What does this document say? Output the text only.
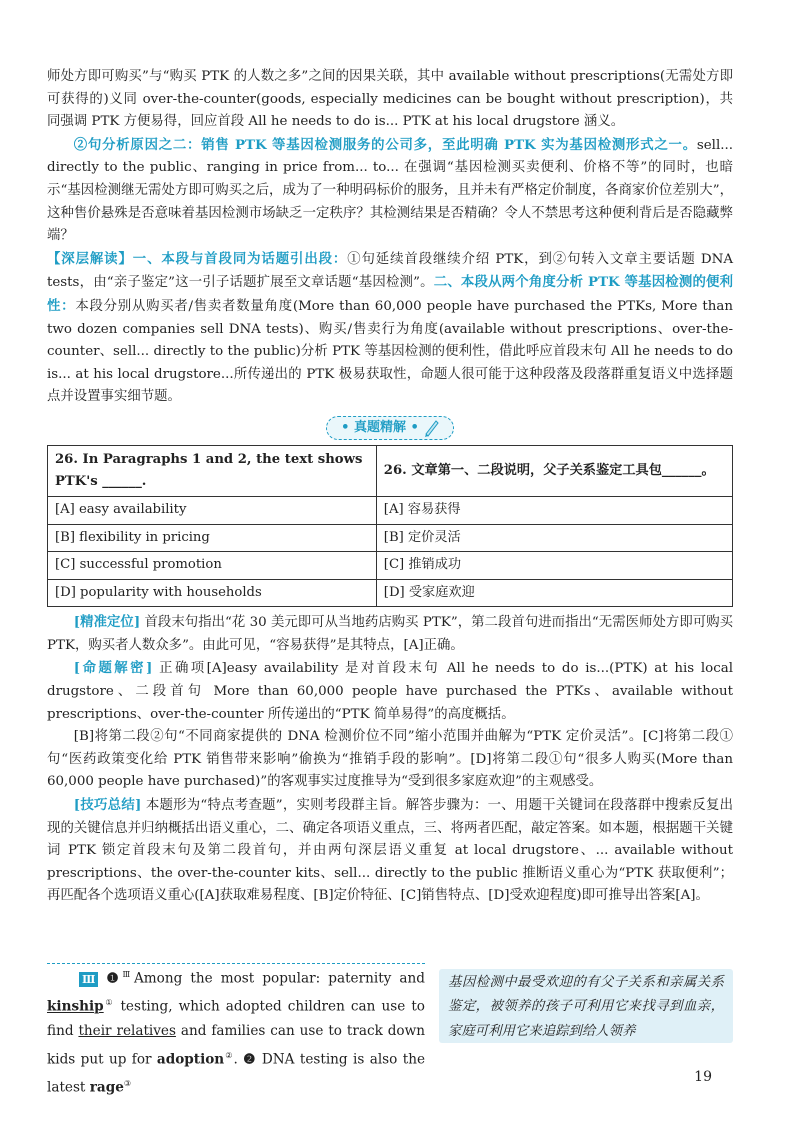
师处方即可购买”与“购买 PTK 的人数之多”之间的因果关联，其中 available without prescriptions(无需处方即可获得的)义同 over-the-counter(goods, especially medicines can be bought without prescription)，共同强调 PTK 方便易得，回应首段 All he needs to do is... PTK at his local drugstore 涵义。

②句分析原因之二：销售 PTK 等基因检测服务的公司多，至此明确 PTK 实为基因检测形式之一。sell... directly to the public、ranging in price from... to... 在强调“基因检测买卖便利、价格不等”的同时，也暗示“基因检测继无需处方即可购买之后，成为了一种明码标价的服务，且并未有严格定价制度，各商家价位差别大”，这种售价悬殊是否意味着基因检测市场缺乏一定秩序？其检测结果是否精确？令人不禁思考这种便利背后是否隐藏弊端？

【深层解读】一、本段与首段同为话题引出段：①句延续首段继续介绍 PTK，到②句转入文章主要话题 DNA tests，由“亲子鉴定”这一引子话题扩展至文章话题“基因检测”。二、本段从两个角度分析 PTK 等基因检测的便利性：本段分别从购买者/售卖者数量角度(More than 60,000 people have purchased the PTKs, More than two dozen companies sell DNA tests)、购买/售卖行为角度(available without prescriptions、over-the-counter、sell... directly to the public)分析 PTK 等基因检测的便利性，借此呼应首段末句 All he needs to do is... at his local drugstore...所传递出的 PTK 极易获取性，命题人很可能于这种段落及段落群重复语义中选择题点并设置事实细节题。

• 真题精解 •
26. In Paragraphs 1 and 2, the text shows PTK's ______.	26. 文章第一、二段说明，父子关系鉴定工具包______。
[A] easy availability	[A] 容易获得
[B] flexibility in pricing	[B] 定价灵活
[C] successful promotion	[C] 推销成功
[D] popularity with households	[D] 受家庭欢迎

[精准定位] 首段末句指出“花 30 美元即可从当地药店购买 PTK”，第二段首句进而指出“无需医师处方即可购买 PTK，购买者人数众多”。由此可见，“容易获得”是其特点，[A]正确。

[命题解密] 正确项[A]easy availability 是对首段末句 All he needs to do is...(PTK) at his local drugstore、二段首句 More than 60,000 people have purchased the PTKs、available without prescriptions、over-the-counter 所传递出的“PTK 简单易得”的高度概括。

[B]将第二段②句“不同商家提供的 DNA 检测价位不同”缩小范围并曲解为“PTK 定价灵活”。[C]将第二段①句“医药政策变化给 PTK 销售带来影响”偷换为“推销手段的影响”。[D]将第二段①句“很多人购买(More than 60,000 people have purchased)”的客观事实过度推导为“受到很多家庭欢迎”的主观感受。

[技巧总结] 本题形为“特点考查题”，实则考段群主旨。解答步骤为：一、用题干关键词在段落群中搜索反复出现的关键信息并归纳概括出语义重心，二、确定各项语义重点，三、将两者匹配，敲定答案。如本题，根据题干关键词 PTK 锁定首段末句及第二段首句，并由两句深层语义重复 at local drugstore、... available without prescriptions、the over-the-counter kits、sell... directly to the public 推断语义重心为“PTK 获取便利”；再匹配各个选项语义重心([A]获取难易程度、[B]定价特征、[C]销售特点、[D]受欢迎程度)即可推导出答案[A]。

Ⅲ ❶$^Ⅲ$Among the most popular: paternity and kinship① testing, which adopted children can use to find their relatives and families can use to track down kids put up for adoption②. ❷ DNA testing is also the latest rage③
基因检测中最受欢迎的有父子关系和亲属关系鉴定，被领养的孩子可利用它来找寻到血亲，家庭可利用它来追踪到给人领养
19
